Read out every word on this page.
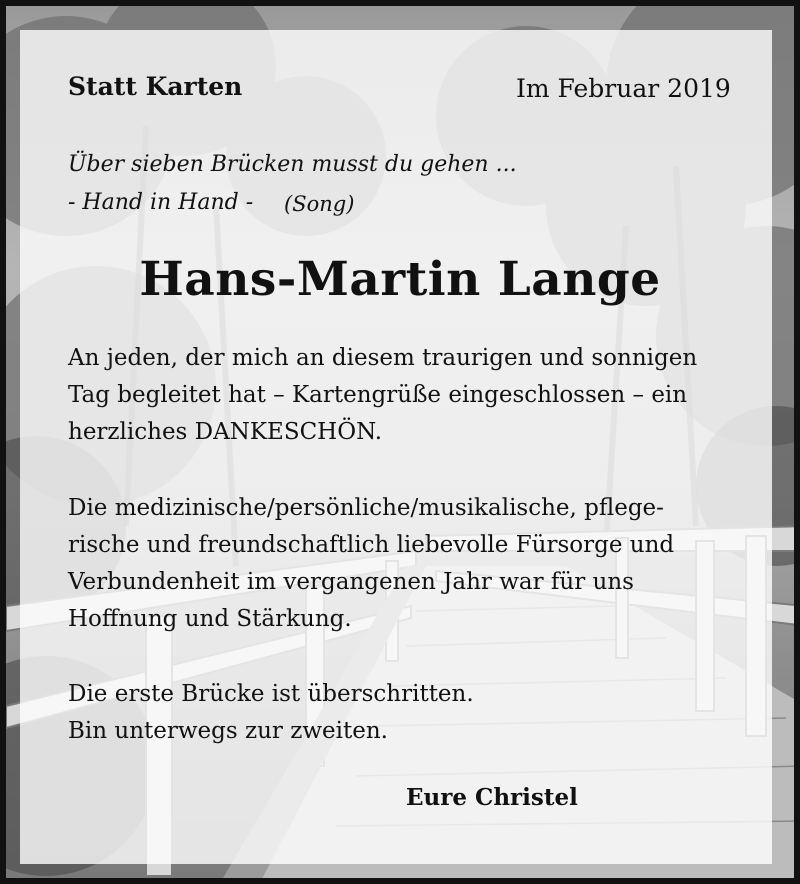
Statt Karten	Im Februar 2019
Über sieben Brücken musst du gehen ...
- Hand in Hand - (Song)
Hans-Martin Lange
An jeden, der mich an diesem traurigen und sonnigen
Tag begleitet hat – Kartengrüße eingeschlossen – ein
herzliches DANKESCHÖN.
Die medizinische/persönliche/musikalische, pflege-
rische und freundschaftlich liebevolle Fürsorge und
Verbundenheit im vergangenen Jahr war für uns
Hoffnung und Stärkung.
Die erste Brücke ist überschritten.
Bin unterwegs zur zweiten.
Eure Christel
